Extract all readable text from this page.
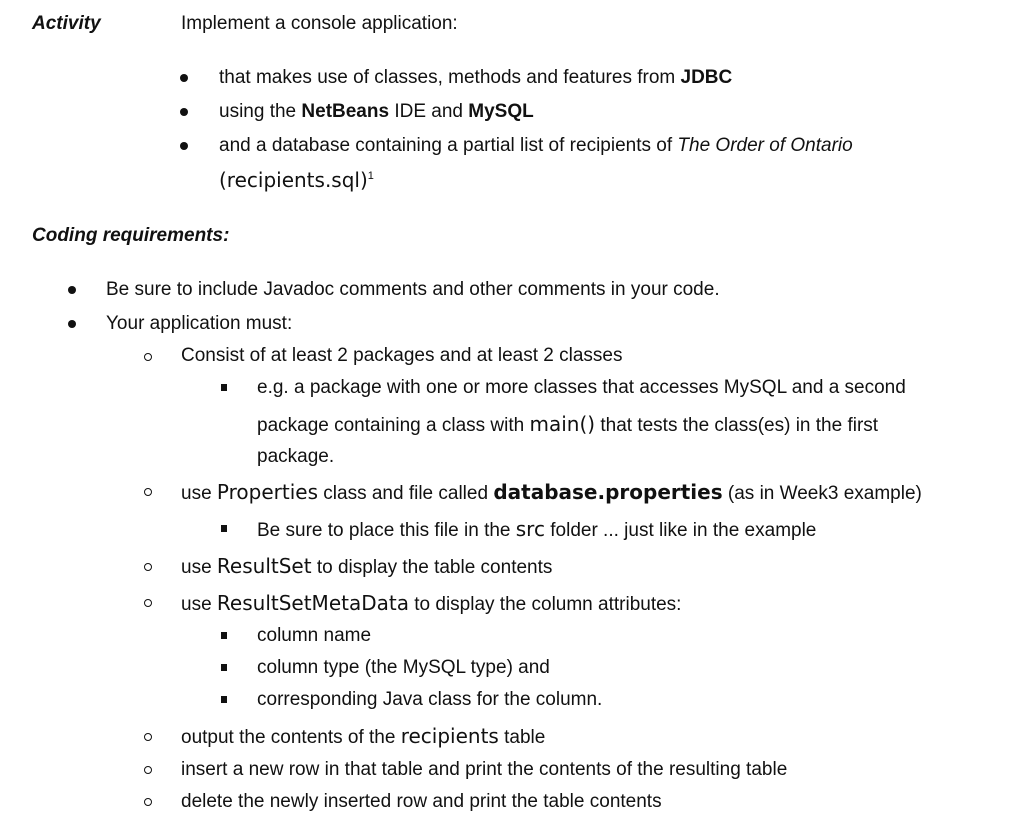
Activity	Implement a console application:
that makes use of classes, methods and features from JDBC
using the NetBeans IDE and MySQL
and a database containing a partial list of recipients of The Order of Ontario
(recipients.sql)$^1$
Coding requirements:
Be sure to include Javadoc comments and other comments in your code.
Your application must:
Consist of at least 2 packages and at least 2 classes
e.g. a package with one or more classes that accesses MySQL and a second
package containing a class with main() that tests the class(es) in the first
package.
use Properties class and file called database.properties (as in Week3 example)
Be sure to place this file in the src folder ... just like in the example
use ResultSet to display the table contents
use ResultSetMetaData to display the column attributes:
column name
column type (the MySQL type) and
corresponding Java class for the column.
output the contents of the recipients table
insert a new row in that table and print the contents of the resulting table
delete the newly inserted row and print the table contents
